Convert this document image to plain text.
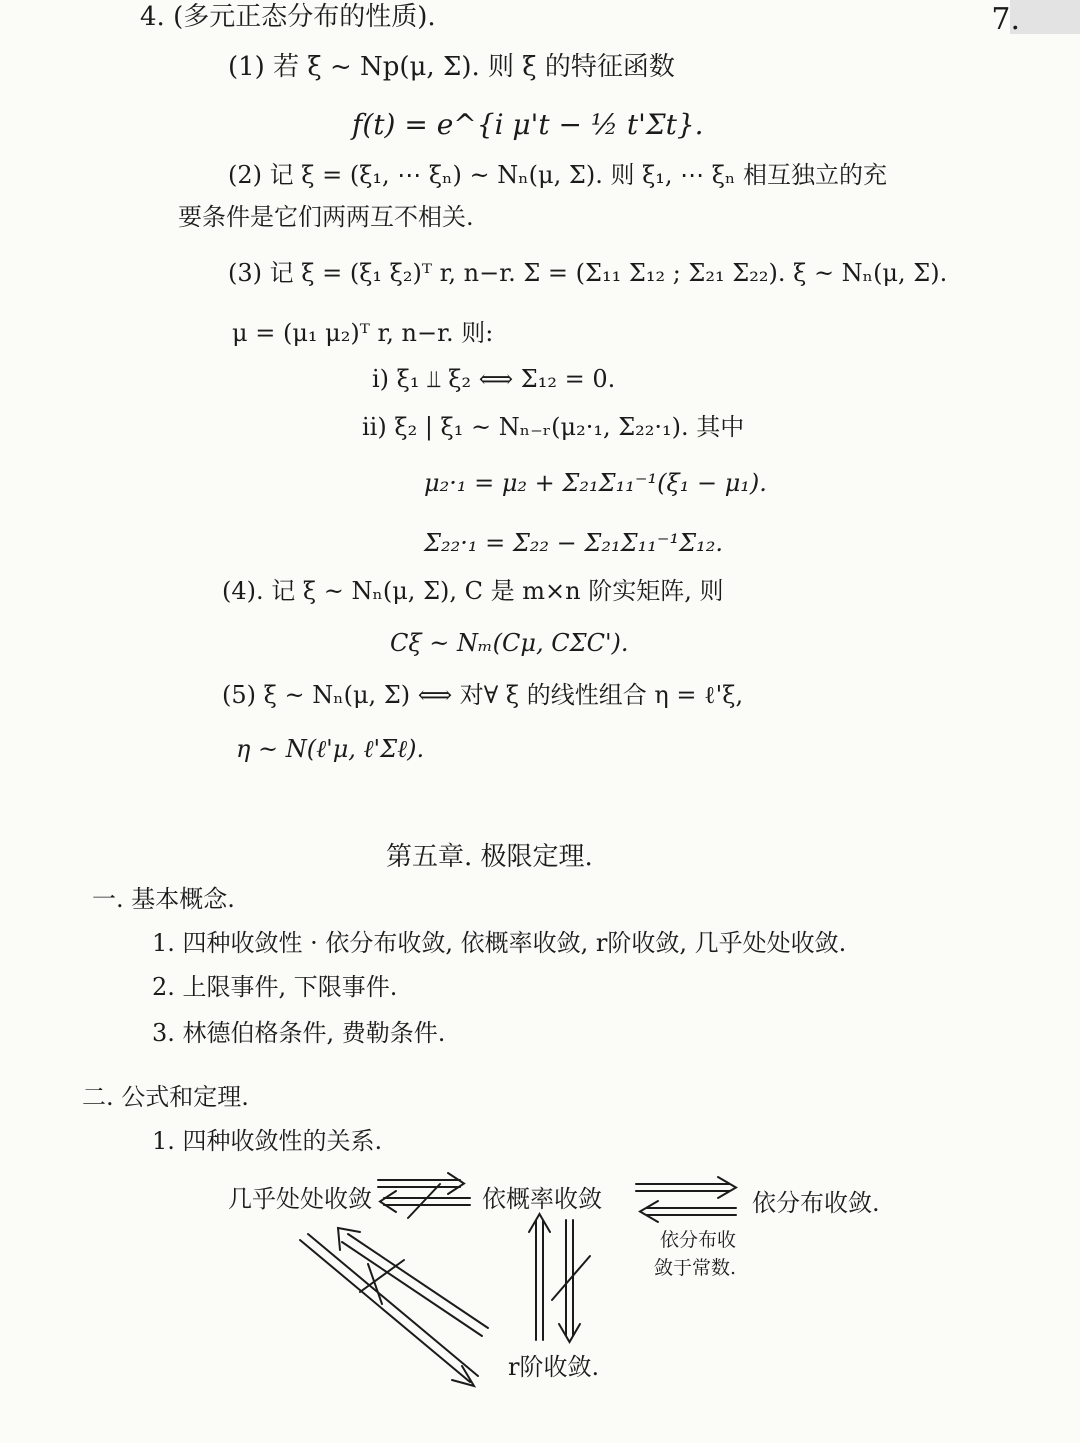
7.
4. (多元正态分布的性质).
(1) 若 ξ ~ Np(μ, Σ). 则 ξ 的特征函数
f(t) = e^{i μ't − ½ t'Σt}.
(2) 记 ξ = (ξ₁, ⋯ ξₙ) ~ Nₙ(μ, Σ). 则 ξ₁, ⋯ ξₙ 相互独立的充
要条件是它们两两互不相关.
(3) 记 ξ = (ξ₁ ξ₂)ᵀ r, n−r. Σ = (Σ₁₁ Σ₁₂ ; Σ₂₁ Σ₂₂). ξ ~ Nₙ(μ, Σ).
μ = (μ₁ μ₂)ᵀ r, n−r. 则:
i) ξ₁ ⫫ ξ₂ ⟺ Σ₁₂ = 0.
ii) ξ₂ | ξ₁ ~ Nₙ₋ᵣ(μ₂·₁, Σ₂₂·₁). 其中
μ₂·₁ = μ₂ + Σ₂₁Σ₁₁⁻¹(ξ₁ − μ₁).
Σ₂₂·₁ = Σ₂₂ − Σ₂₁Σ₁₁⁻¹Σ₁₂.
(4). 记 ξ ~ Nₙ(μ, Σ), C 是 m×n 阶实矩阵, 则
Cξ ~ Nₘ(Cμ, CΣC').
(5) ξ ~ Nₙ(μ, Σ) ⟺ 对∀ ξ 的线性组合 η = ℓ'ξ,
η ~ N(ℓ'μ, ℓ'Σℓ).
第五章. 极限定理.
一. 基本概念.
1. 四种收敛性 · 依分布收敛, 依概率收敛, r阶收敛, 几乎处处收敛.
2. 上限事件, 下限事件.
3. 林德伯格条件, 费勒条件.
二. 公式和定理.
1. 四种收敛性的关系.
几乎处处收敛	依概率收敛	依分布收敛.
r阶收敛.
依分布收
敛于常数.
